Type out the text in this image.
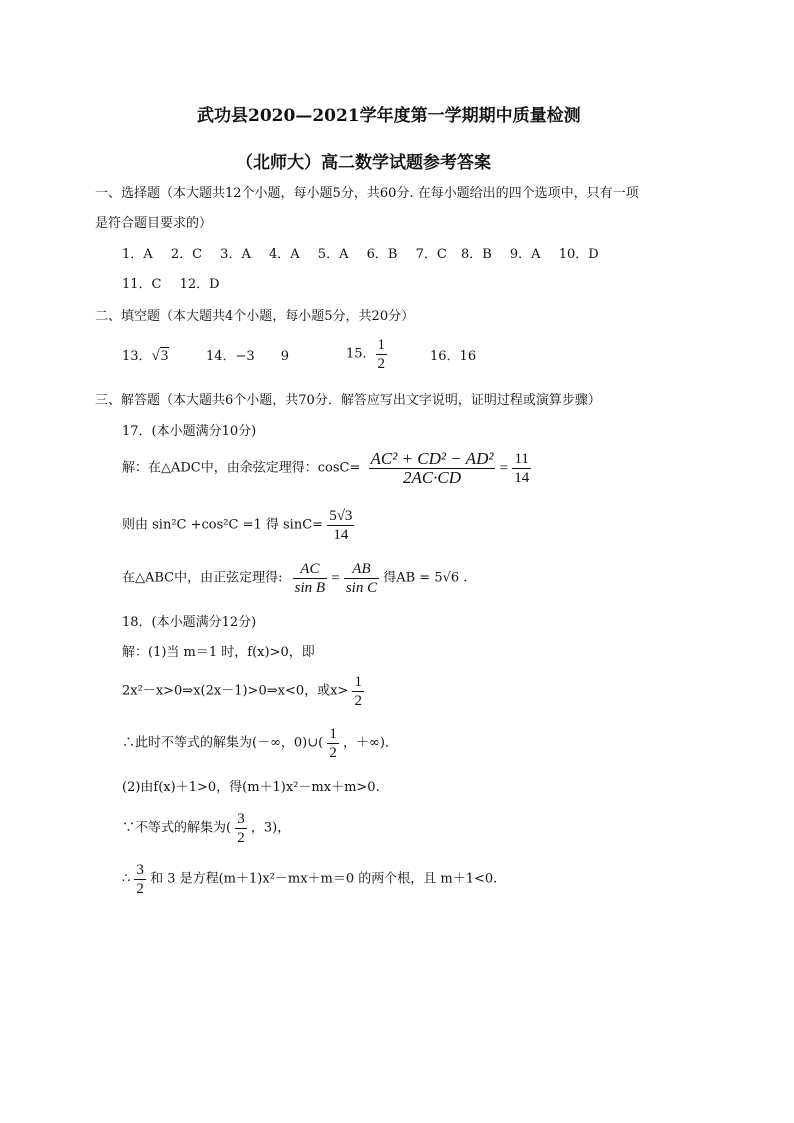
武功县2020—2021学年度第一学期期中质量检测
（北师大）高二数学试题参考答案
一、选择题（本大题共12个小题，每小题5分，共60分. 在每小题给出的四个选项中，只有一项
是符合题目要求的）
1．A 2．C 3．A 4．A 5．A 6．B 7．C 8．B 9．A 10．D
11．C 12．D
二、填空题（本大题共4个小题，每小题5分，共20分）
13．√3	14．−3　　9	15． $\frac{1}{2}$	16．16
三、解答题（本大题共6个小题，共70分．解答应写出文字说明，证明过程或演算步骤）
17．(本小题满分10分)
解：在△ADC中，由余弦定理得：$\cos C= \frac{\text{AC² + CD² − AD²}}{2AC\cdot CD} = \frac{11}{14}$
则由 sin²C +cos²C =1 得 $\sin C= \frac{5√3}{14}$
在△ABC中，由正弦定理得: $\frac{AC}{\text{sin B}} = \frac{AB}{\text{sin C}}$ 得AB = 5√6 .
18．(本小题满分12分)
解：(1)当 m＝1 时，f(x)>0，即
2x²－x>0⇒x(2x－1)>0⇒x<0，或$x> \frac{1}{2}$
∴此时不等式的解集为(－∞，0)∪( $\frac{1}{2}$ ，＋∞)．
(2)由f(x)＋1>0，得(m＋1)x²－mx＋m>0.
∵不等式的解集为( $\frac{3}{2}$ ，3)，
∴ $\frac{3}{2}$ 和 3 是方程(m＋1)x²－mx＋m＝0 的两个根，且 m＋1<0.
